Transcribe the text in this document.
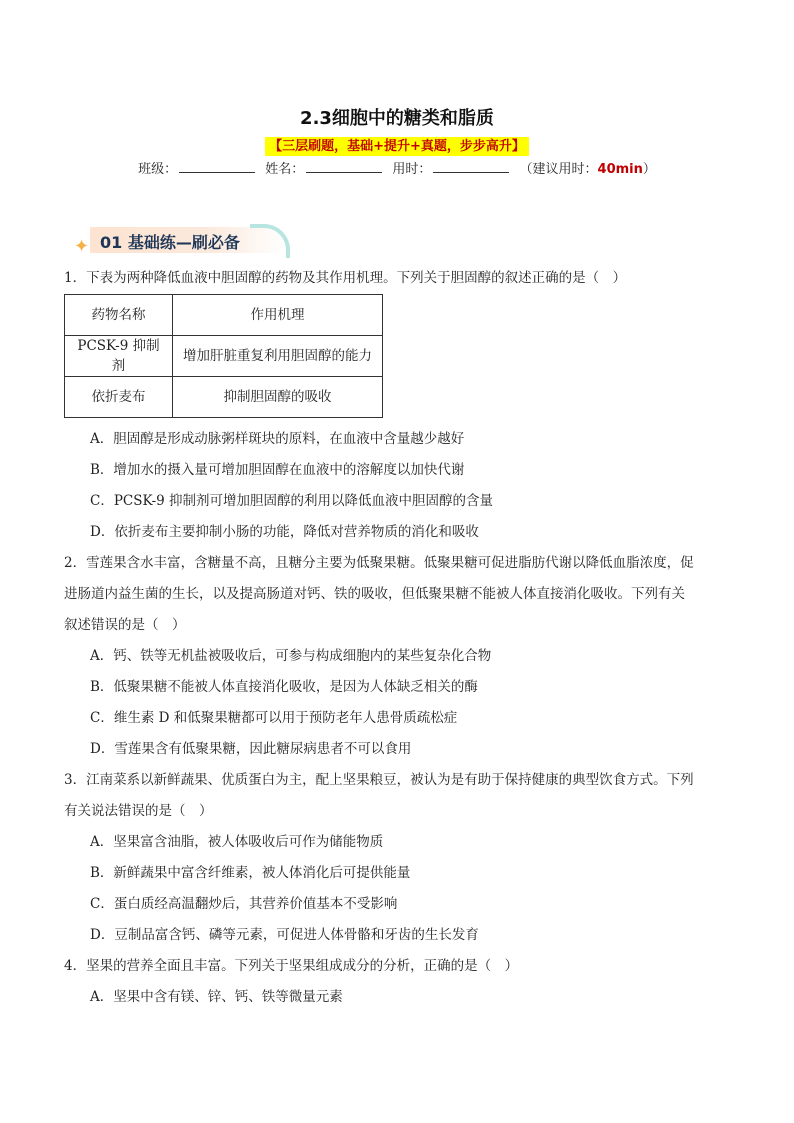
2.3细胞中的糖类和脂质
【三层刷题，基础+提升+真题，步步高升】
班级：	姓名：	用时：	（建议用时：40min）
✦ 01 基础练—刷必备

1．下表为两种降低血液中胆固醇的药物及其作用机理。下列关于胆固醇的叙述正确的是（　）

药物名称	作用机理
PCSK-9 抑制剂	增加肝脏重复利用胆固醇的能力
依折麦布	抑制胆固醇的吸收

A．胆固醇是形成动脉粥样斑块的原料，在血液中含量越少越好

B．增加水的摄入量可增加胆固醇在血液中的溶解度以加快代谢

C．PCSK-9 抑制剂可增加胆固醇的利用以降低血液中胆固醇的含量

D．依折麦布主要抑制小肠的功能，降低对营养物质的消化和吸收

2．雪莲果含水丰富，含糖量不高，且糖分主要为低聚果糖。低聚果糖可促进脂肪代谢以降低血脂浓度，促

进肠道内益生菌的生长，以及提高肠道对钙、铁的吸收，但低聚果糖不能被人体直接消化吸收。下列有关

叙述错误的是（　）

A．钙、铁等无机盐被吸收后，可参与构成细胞内的某些复杂化合物

B．低聚果糖不能被人体直接消化吸收，是因为人体缺乏相关的酶

C．维生素 D 和低聚果糖都可以用于预防老年人患骨质疏松症

D．雪莲果含有低聚果糖，因此糖尿病患者不可以食用

3．江南菜系以新鲜蔬果、优质蛋白为主，配上坚果粮豆，被认为是有助于保持健康的典型饮食方式。下列

有关说法错误的是（　）

A．坚果富含油脂，被人体吸收后可作为储能物质

B．新鲜蔬果中富含纤维素，被人体消化后可提供能量

C．蛋白质经高温翻炒后，其营养价值基本不受影响

D．豆制品富含钙、磷等元素，可促进人体骨骼和牙齿的生长发育

4．坚果的营养全面且丰富。下列关于坚果组成成分的分析，正确的是（　）

A．坚果中含有镁、锌、钙、铁等微量元素
